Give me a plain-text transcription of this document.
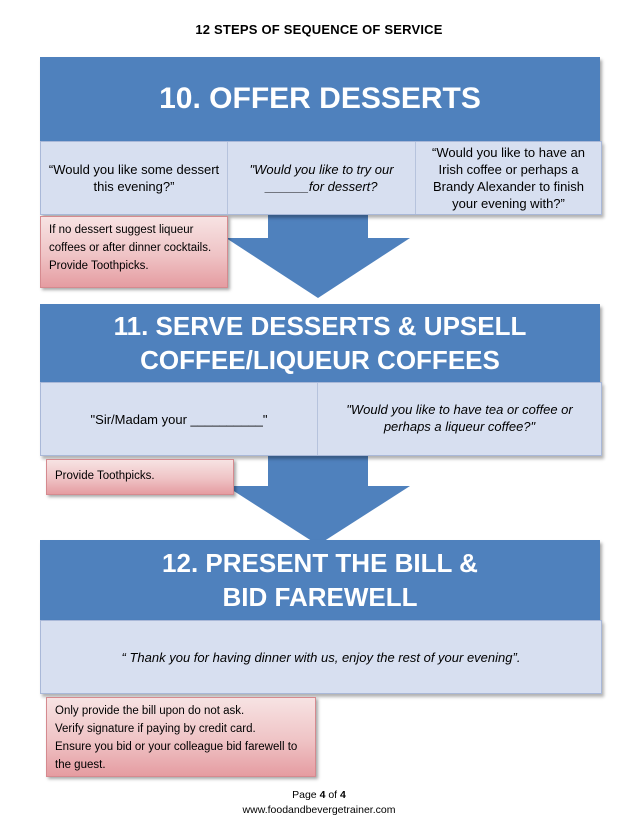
12 STEPS OF SEQUENCE OF SERVICE
10. OFFER DESSERTS
“Would you like some dessert this evening?”
"Would you like to try our ______for dessert?
“Would you like to have an Irish coffee or perhaps a Brandy Alexander to finish your evening with?”
If no dessert suggest liqueur
coffees or after dinner cocktails.
Provide Toothpicks.
11. SERVE DESSERTS & UPSELL
COFFEE/LIQUEUR COFFEES
"Sir/Madam your __________"
"Would you like to have tea or coffee or perhaps a liqueur coffee?"
Provide Toothpicks.
12. PRESENT THE BILL &
BID FAREWELL
“ Thank you for having dinner with us, enjoy the rest of your evening”.
Only provide the bill upon do not ask.
Verify signature if paying by credit card.
Ensure you bid or your colleague bid farewell to
the guest.
Page 4 of 4
www.foodandbevergetrainer.com
